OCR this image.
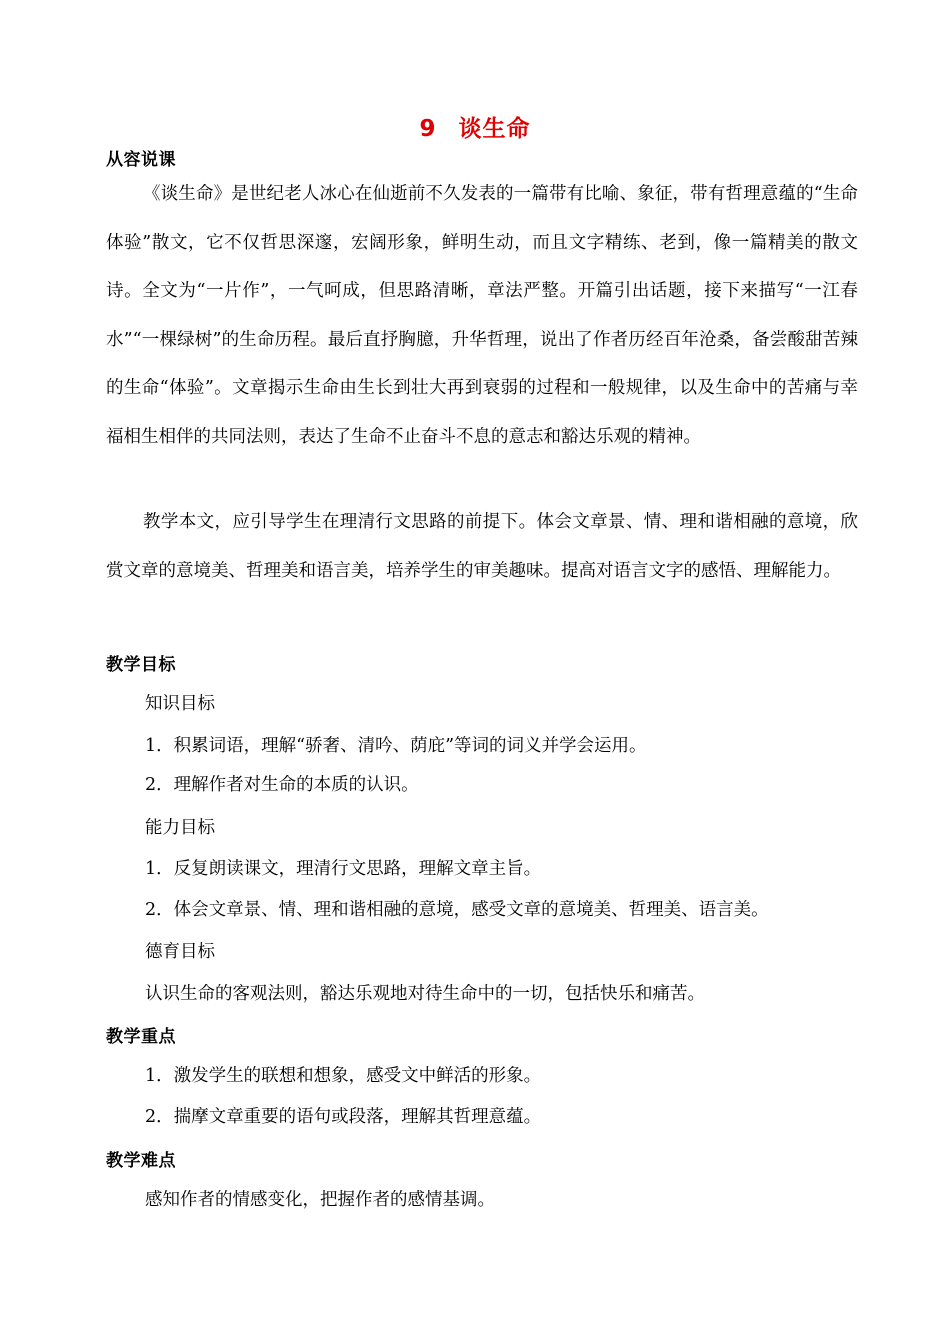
9 谈生命
从容说课

《谈生命》是世纪老人冰心在仙逝前不久发表的一篇带有比喻、象征，带有哲理意蕴的“生命体验”散文，它不仅哲思深邃，宏阔形象，鲜明生动，而且文字精练、老到，像一篇精美的散文诗。全文为“一片作”，一气呵成，但思路清晰，章法严整。开篇引出话题，接下来描写“一江春水”“一棵绿树”的生命历程。最后直抒胸臆，升华哲理，说出了作者历经百年沧桑，备尝酸甜苦辣的生命“体验”。文章揭示生命由生长到壮大再到衰弱的过程和一般规律，以及生命中的苦痛与幸福相生相伴的共同法则，表达了生命不止奋斗不息的意志和豁达乐观的精神。

教学本文，应引导学生在理清行文思路的前提下。体会文章景、情、理和谐相融的意境，欣赏文章的意境美、哲理美和语言美，培养学生的审美趣味。提高对语言文字的感悟、理解能力。

教学目标
知识目标
1．积累词语，理解“骄奢、清吟、荫庇”等词的词义并学会运用。
2．理解作者对生命的本质的认识。
能力目标
1．反复朗读课文，理清行文思路，理解文章主旨。
2．体会文章景、情、理和谐相融的意境，感受文章的意境美、哲理美、语言美。
德育目标
认识生命的客观法则，豁达乐观地对待生命中的一切，包括快乐和痛苦。
教学重点
1．激发学生的联想和想象，感受文中鲜活的形象。
2．揣摩文章重要的语句或段落，理解其哲理意蕴。
教学难点
感知作者的情感变化，把握作者的感情基调。
